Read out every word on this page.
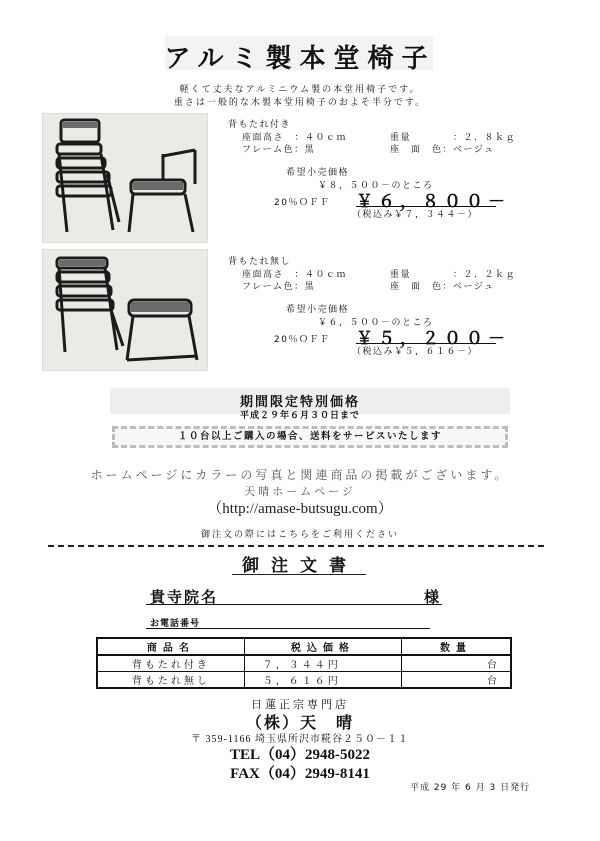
アルミ製本堂椅子
軽くて丈夫なアルミニウム製の本堂用椅子です。
重さは一般的な木製本堂用椅子のおよそ半分です。
背もたれ付き
座面高さ　：４０ｃｍ	重量　　　　：２．８ｋｇ
フレーム色：黒	座　面　色：ベージュ
希望小売価格
￥８，５００－のところ
20％ＯＦＦ ￥６，８００－
（税込み￥７，３４４－）
背もたれ無し
座面高さ　：４０ｃｍ	重量　　　　：２．２ｋｇ
フレーム色：黒	座　面　色：ベージュ
希望小売価格
￥６，５００－のところ
20％ＯＦＦ ￥５，２００－
（税込み￥５，６１６－）
期間限定特別価格
平成２９年６月３０日まで
１０台以上ご購入の場合、送料をサービスいたします
ホームページにカラーの写真と関連商品の掲載がございます。
天晴ホームページ
（http://amase-butsugu.com）
御注文の際にはこちらをご利用ください
御注文書
貴寺院名	様
お電話番号
商品名	税込価格	数量
背もたれ付き	７，３４４円	台
背もたれ無し	５，６１６円	台
日蓮正宗専門店
（株）天　晴
〒 359-1166 埼玉県所沢市糀谷２５０－１１
TEL（04）2948-5022
FAX（04）2949-8141
平成 29 年 6 月 3 日発行
